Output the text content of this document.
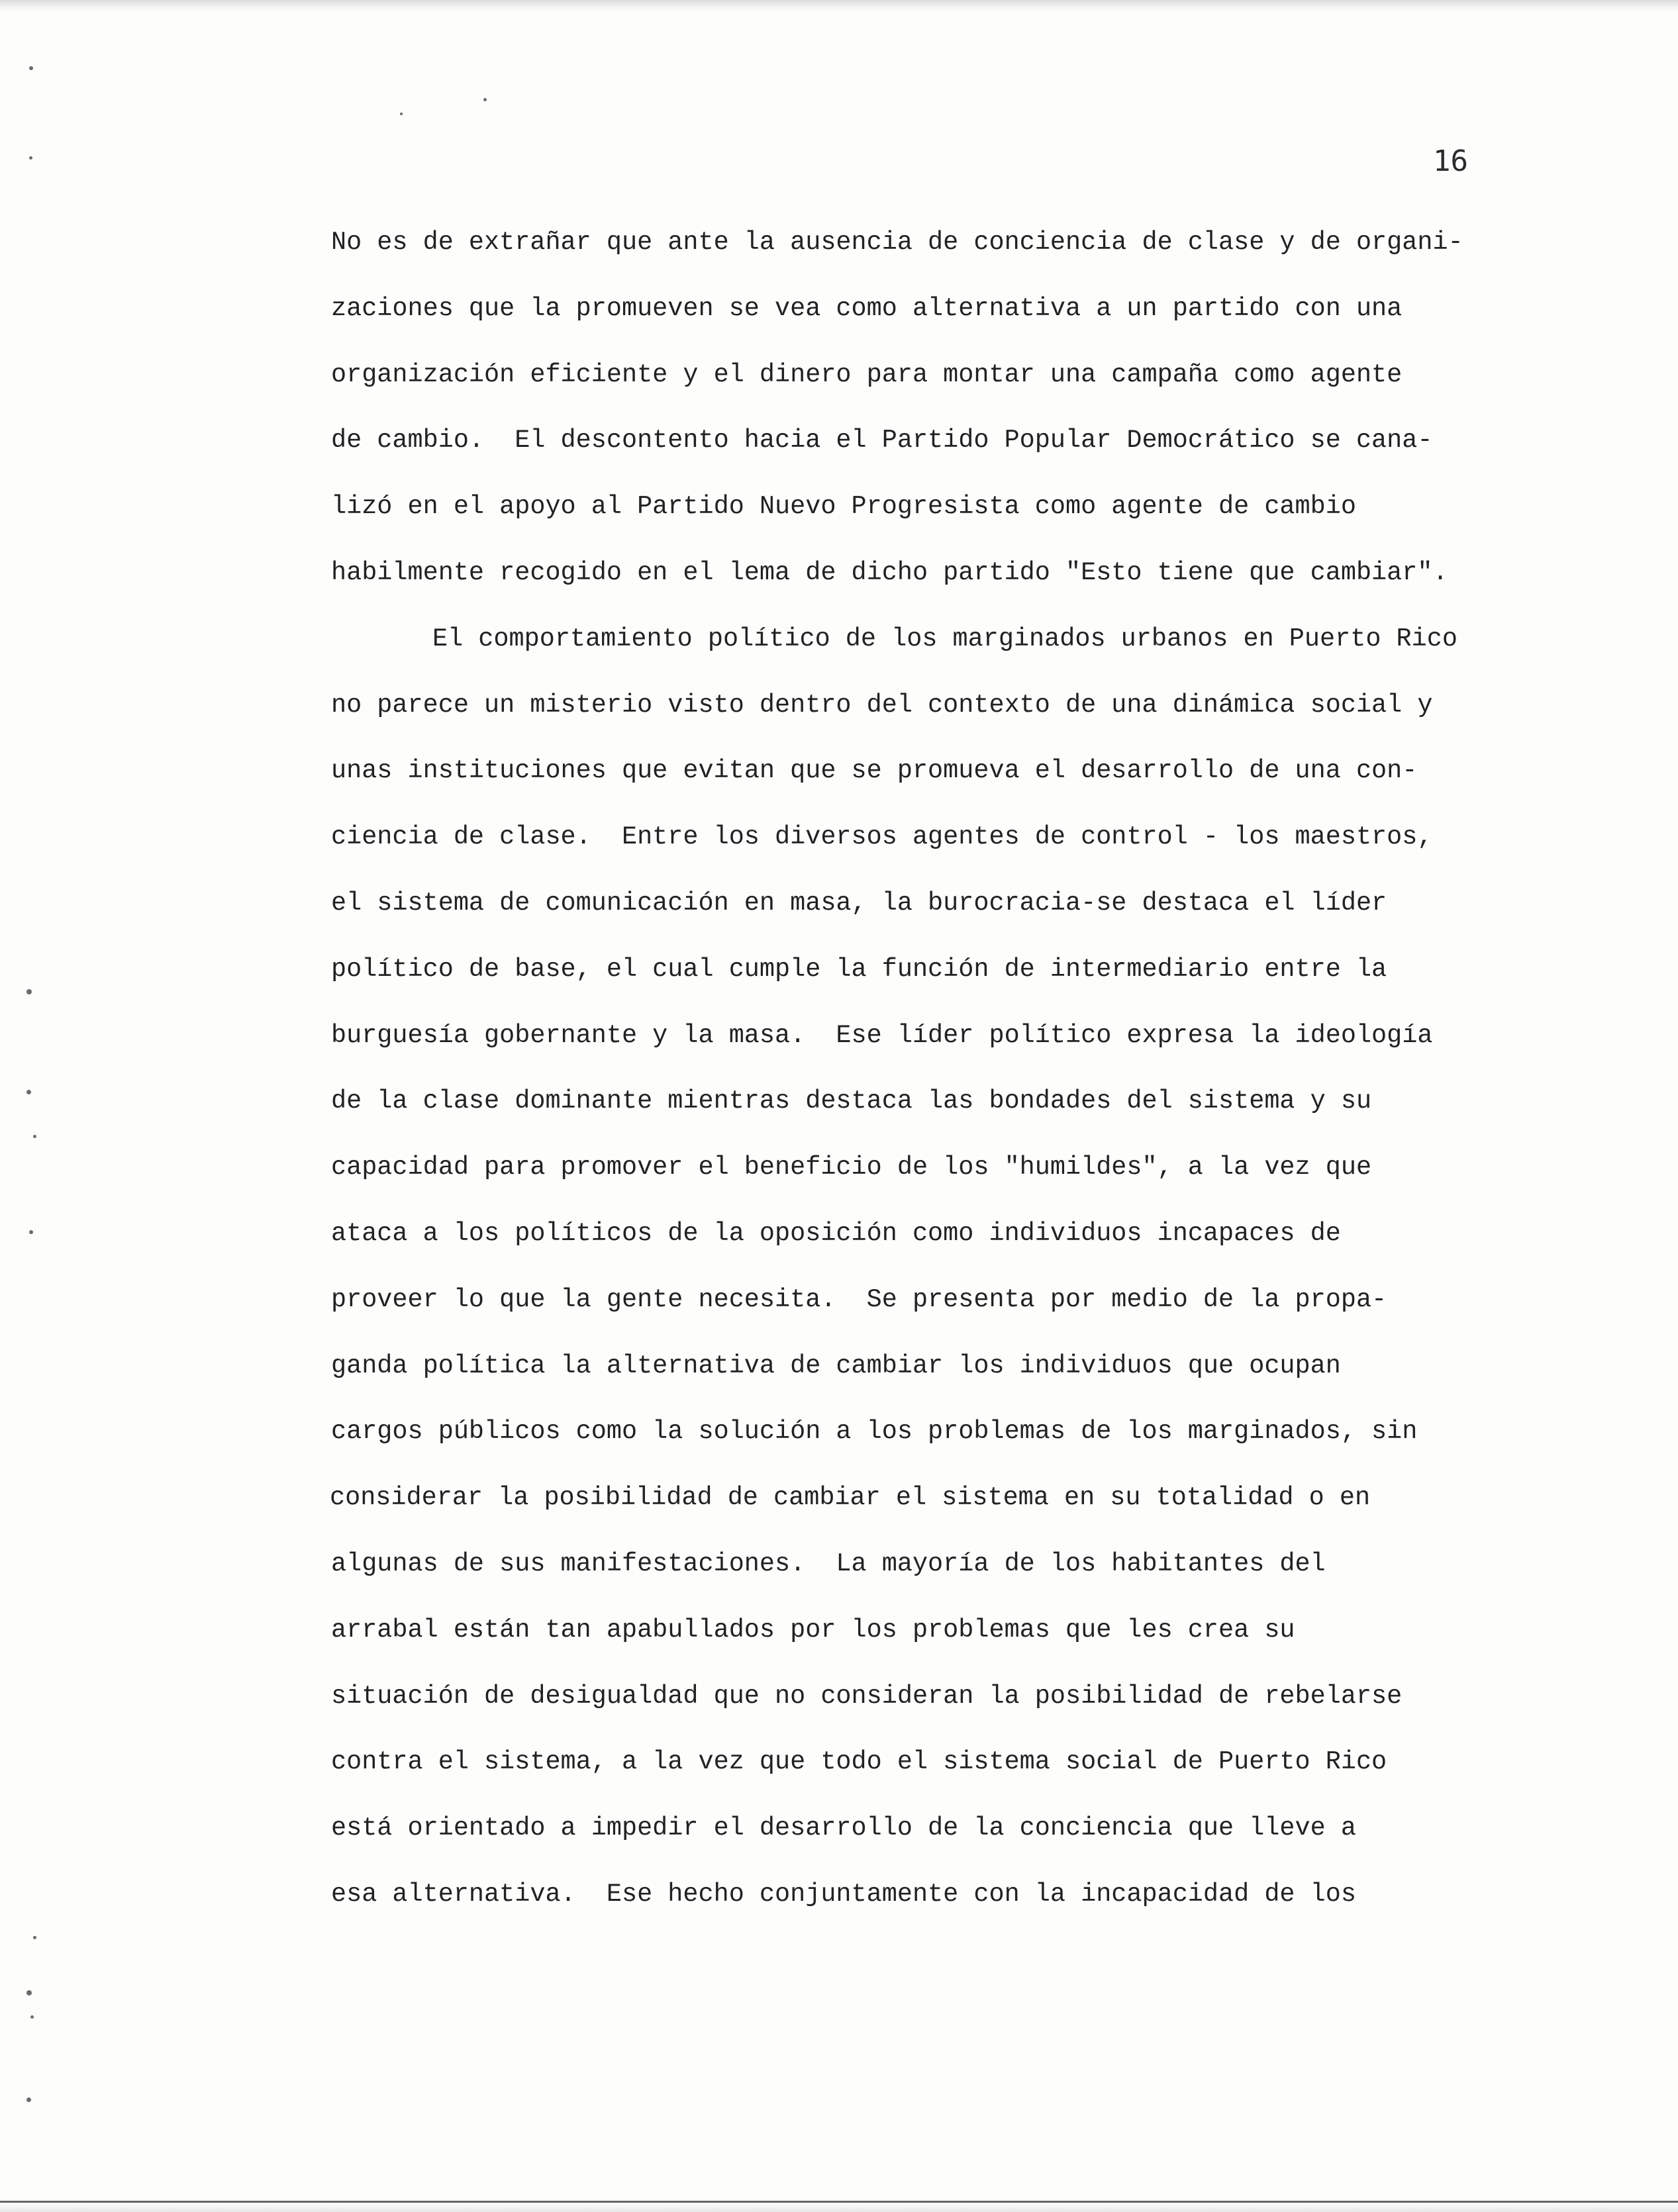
16
No es de extrañar que ante la ausencia de conciencia de clase y de organi-
zaciones que la promueven se vea como alternativa a un partido con una
organización eficiente y el dinero para montar una campaña como agente
de cambio.  El descontento hacia el Partido Popular Democrático se cana-
lizó en el apoyo al Partido Nuevo Progresista como agente de cambio
habilmente recogido en el lema de dicho partido "Esto tiene que cambiar".
El comportamiento político de los marginados urbanos en Puerto Rico
no parece un misterio visto dentro del contexto de una dinámica social y
unas instituciones que evitan que se promueva el desarrollo de una con-
ciencia de clase.  Entre los diversos agentes de control - los maestros,
el sistema de comunicación en masa, la burocracia-se destaca el líder
político de base, el cual cumple la función de intermediario entre la
burguesía gobernante y la masa.  Ese líder político expresa la ideología
de la clase dominante mientras destaca las bondades del sistema y su
capacidad para promover el beneficio de los "humildes", a la vez que
ataca a los políticos de la oposición como individuos incapaces de
proveer lo que la gente necesita.  Se presenta por medio de la propa-
ganda política la alternativa de cambiar los individuos que ocupan
cargos públicos como la solución a los problemas de los marginados, sin
considerar la posibilidad de cambiar el sistema en su totalidad o en
algunas de sus manifestaciones.  La mayoría de los habitantes del
arrabal están tan apabullados por los problemas que les crea su
situación de desigualdad que no consideran la posibilidad de rebelarse
contra el sistema, a la vez que todo el sistema social de Puerto Rico
está orientado a impedir el desarrollo de la conciencia que lleve a
esa alternativa.  Ese hecho conjuntamente con la incapacidad de los
